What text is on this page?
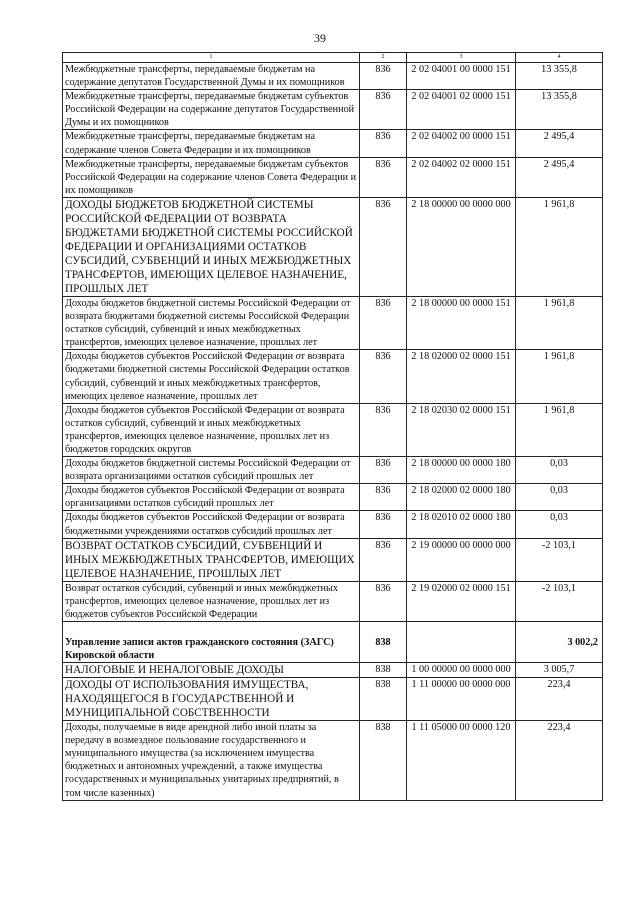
39
1	2	3	4
Межбюджетные трансферты, передаваемые бюджетам на содержание депутатов Государственной Думы и их помощников	836	2 02 04001 00 0000 151	13 355,8
Межбюджетные трансферты, передаваемые бюджетам субъектов Российской Федерации на содержание депутатов Государственной Думы и их помощников	836	2 02 04001 02 0000 151	13 355,8
Межбюджетные трансферты, передаваемые бюджетам на содержание членов Совета Федерации и их помощников	836	2 02 04002 00 0000 151	2 495,4
Межбюджетные трансферты, передаваемые бюджетам субъектов Российской Федерации на содержание членов Совета Федерации и их помощников	836	2 02 04002 02 0000 151	2 495,4
ДОХОДЫ БЮДЖЕТОВ БЮДЖЕТНОЙ СИСТЕМЫ РОССИЙСКОЙ ФЕДЕРАЦИИ ОТ ВОЗВРАТА БЮДЖЕТАМИ БЮДЖЕТНОЙ СИСТЕМЫ РОССИЙСКОЙ ФЕДЕРАЦИИ И ОРГАНИЗАЦИЯМИ ОСТАТКОВ СУБСИДИЙ, СУБВЕНЦИЙ И ИНЫХ МЕЖБЮДЖЕТНЫХ ТРАНСФЕРТОВ, ИМЕЮЩИХ ЦЕЛЕВОЕ НАЗНАЧЕНИЕ, ПРОШЛЫХ ЛЕТ	836	2 18 00000 00 0000 000	1 961,8
Доходы бюджетов бюджетной системы Российской Федерации от возврата бюджетами бюджетной системы Российской Федерации остатков субсидий, субвенций и иных межбюджетных трансфертов, имеющих целевое назначение, прошлых лет	836	2 18 00000 00 0000 151	1 961,8
Доходы бюджетов субъектов Российской Федерации от возврата бюджетами бюджетной системы Российской Федерации остатков субсидий, субвенций и иных межбюджетных трансфертов, имеющих целевое назначение, прошлых лет	836	2 18 02000 02 0000 151	1 961,8
Доходы бюджетов субъектов Российской Федерации от возврата остатков субсидий, субвенций и иных межбюджетных трансфертов, имеющих целевое назначение, прошлых лет из бюджетов городских округов	836	2 18 02030 02 0000 151	1 961,8
Доходы бюджетов бюджетной системы Российской Федерации от возврата организациями остатков субсидий прошлых лет	836	2 18 00000 00 0000 180	0,03
Доходы бюджетов субъектов Российской Федерации от возврата организациями остатков субсидий прошлых лет	836	2 18 02000 02 0000 180	0,03
Доходы бюджетов субъектов Российской Федерации от возврата бюджетными учреждениями остатков субсидий прошлых лет	836	2 18 02010 02 0000 180	0,03
ВОЗВРАТ ОСТАТКОВ СУБСИДИЙ, СУБВЕНЦИЙ И ИНЫХ МЕЖБЮДЖЕТНЫХ ТРАНСФЕРТОВ, ИМЕЮЩИХ ЦЕЛЕВОЕ НАЗНАЧЕНИЕ, ПРОШЛЫХ ЛЕТ	836	2 19 00000 00 0000 000	-2 103,1
Возврат остатков субсидий, субвенций и иных межбюджетных трансфертов, имеющих целевое назначение, прошлых лет из бюджетов субъектов Российской Федерации	836	2 19 02000 02 0000 151	-2 103,1
Управление записи актов гражданского состояния (ЗАГС) Кировской области	838		3 002,2
НАЛОГОВЫЕ И НЕНАЛОГОВЫЕ ДОХОДЫ	838	1 00 00000 00 0000 000	3 005,7
ДОХОДЫ ОТ ИСПОЛЬЗОВАНИЯ ИМУЩЕСТВА, НАХОДЯЩЕГОСЯ В ГОСУДАРСТВЕННОЙ И МУНИЦИПАЛЬНОЙ СОБСТВЕННОСТИ	838	1 11 00000 00 0000 000	223,4
Доходы, получаемые в виде арендной либо иной платы за передачу в возмездное пользование государственного и муниципального имущества (за исключением имущества бюджетных и автономных учреждений, а также имущества государственных и муниципальных унитарных предприятий, в том числе казенных)	838	1 11 05000 00 0000 120	223,4
